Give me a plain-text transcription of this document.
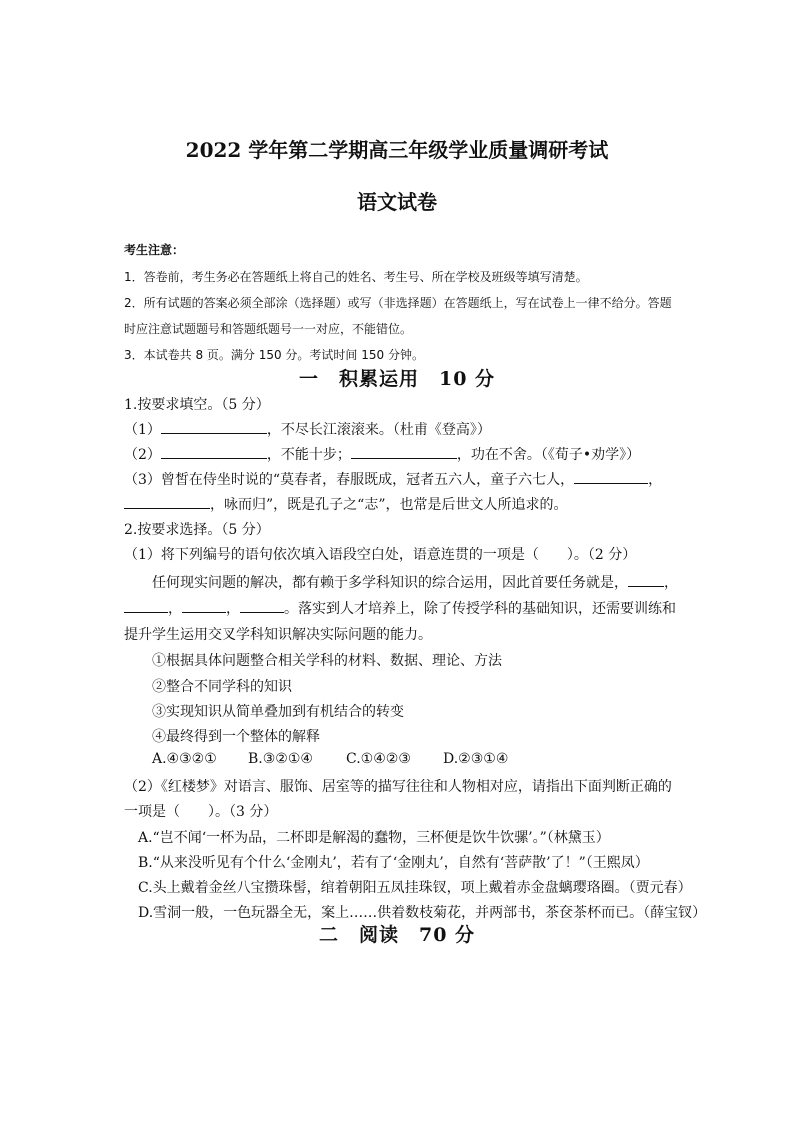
2022 学年第二学期高三年级学业质量调研考试
语文试卷
考生注意：
1．答卷前，考生务必在答题纸上将自己的姓名、考生号、所在学校及班级等填写清楚。
2．所有试题的答案必须全部涂（选择题）或写（非选择题）在答题纸上，写在试卷上一律不给分。答题
时应注意试题题号和答题纸题号一一对应，不能错位。
3．本试卷共 8 页。满分 150 分。考试时间 150 分钟。
一　积累运用　10 分
1.按要求填空。（5 分）
（1）	，不尽长江滚滚来。（杜甫《登高》）
（2）	，不能十步；	，功在不舍。（《荀子•劝学》）
（3）曾皙在侍坐时说的“莫春者，春服既成，冠者五六人，童子六七人，	，
，咏而归”，既是孔子之“志”，也常是后世文人所追求的。
2.按要求选择。（5 分）
（1）将下列编号的语句依次填入语段空白处，语意连贯的一项是（　　）。（2 分）
任何现实问题的解决，都有赖于多学科知识的综合运用，因此首要任务就是，	，
，	，	。落实到人才培养上，除了传授学科的基础知识，还需要训练和
提升学生运用交叉学科知识解决实际问题的能力。
①根据具体问题整合相关学科的材料、数据、理论、方法
②整合不同学科的知识
③实现知识从简单叠加到有机结合的转变
④最终得到一个整体的解释
A.④③②① B.③②①④ C.①④②③ D.②③①④
（2）《红楼梦》对语言、服饰、居室等的描写往往和人物相对应，请指出下面判断正确的
一项是（　　）。（3 分）
A.“岂不闻‘一杯为品，二杯即是解渴的蠢物，三杯便是饮牛饮骡’。”（林黛玉）
B.“从来没听见有个什么‘金刚丸’，若有了‘金刚丸’，自然有‘菩萨散’了！”（王熙凤）
C.头上戴着金丝八宝攒珠髻，绾着朝阳五凤挂珠钗，项上戴着赤金盘螭璎珞圈。（贾元春）
D.雪洞一般，一色玩器全无，案上……供着数枝菊花，并两部书，茶奁茶杯而已。（薛宝钗）
二　阅读　70 分
